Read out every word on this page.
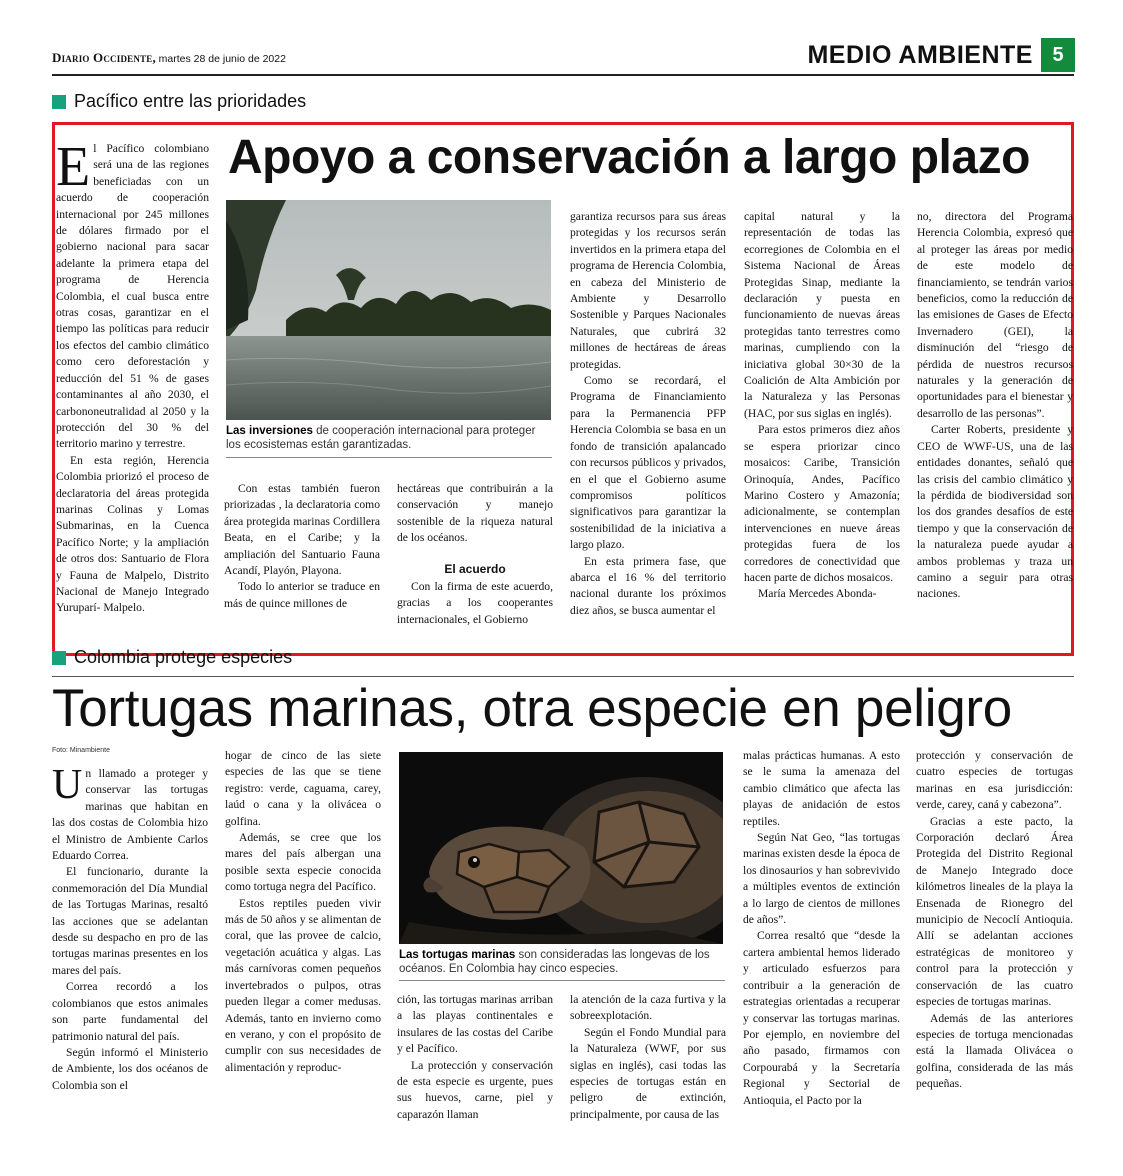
Diario Occidente, martes 28 de junio de 2022	MEDIO AMBIENTE 5
Pacífico entre las prioridades
Apoyo a conservación a largo plazo

El Pacífico colombiano será una de las regiones beneficiadas con un acuerdo de cooperación internacional por 245 millones de dólares firmado por el gobierno nacional para sacar adelante la primera etapa del programa de Herencia Colombia, el cual busca entre otras cosas, garantizar en el tiempo las políticas para reducir los efectos del cambio climático como cero deforestación y reducción del 51 % de gases contaminantes al año 2030, el carbononeutralidad al 2050 y la protección del 30 % del territorio marino y terrestre.

En esta región, Herencia Colombia priorizó el proceso de declaratoria del áreas protegida marinas Colinas y Lomas Submarinas, en la Cuenca Pacífico Norte; y la ampliación de otros dos: Santuario de Flora y Fauna de Malpelo, Distrito Nacional de Manejo Integrado Yuruparí- Malpelo.

Las inversiones de cooperación internacional para proteger los ecosistemas están garantizadas.

Con estas también fueron priorizadas , la declaratoria como área protegida marinas Cordillera Beata, en el Caribe; y la ampliación del Santuario Fauna Acandí, Playón, Playona.

Todo lo anterior se traduce en más de quince millones de

hectáreas que contribuirán a la conservación y manejo sostenible de la riqueza natural de los océanos.

El acuerdo

Con la firma de este acuerdo, gracias a los cooperantes internacionales, el Gobierno

garantiza recursos para sus áreas protegidas y los recursos serán invertidos en la primera etapa del programa de Herencia Colombia, en cabeza del Ministerio de Ambiente y Desarrollo Sostenible y Parques Nacionales Naturales, que cubrirá 32 millones de hectáreas de áreas protegidas.

Como se recordará, el Programa de Financiamiento para la Permanencia PFP Herencia Colombia se basa en un fondo de transición apalancado con recursos públicos y privados, en el que el Gobierno asume compromisos políticos significativos para garantizar la sostenibilidad de la iniciativa a largo plazo.

En esta primera fase, que abarca el 16 % del territorio nacional durante los próximos diez años, se busca aumentar el

capital natural y la representación de todas las ecorregiones de Colombia en el Sistema Nacional de Áreas Protegidas Sinap, mediante la declaración y puesta en funcionamiento de nuevas áreas protegidas tanto terrestres como marinas, cumpliendo con la iniciativa global 30×30 de la Coalición de Alta Ambición por la Naturaleza y las Personas (HAC, por sus siglas en inglés).

Para estos primeros diez años se espera priorizar cinco mosaicos: Caribe, Transición Orinoquía, Andes, Pacífico Marino Costero y Amazonía; adicionalmente, se contemplan intervenciones en nueve áreas protegidas fuera de los corredores de conectividad que hacen parte de dichos mosaicos.

María Mercedes Abonda-

no, directora del Programa Herencia Colombia, expresó que al proteger las áreas por medio de este modelo de financiamiento, se tendrán varios beneficios, como la reducción de las emisiones de Gases de Efecto Invernadero (GEI), la disminución del “riesgo de pérdida de nuestros recursos naturales y la generación de oportunidades para el bienestar y desarrollo de las personas”.

Carter Roberts, presidente y CEO de WWF-US, una de las entidades donantes, señaló que las crisis del cambio climático y la pérdida de biodiversidad son los dos grandes desafíos de este tiempo y que la conservación de la naturaleza puede ayudar a ambos problemas y traza un camino a seguir para otras naciones.

Colombia protege especies
Tortugas marinas, otra especie en peligro
Foto: Minambiente

Un llamado a proteger y conservar las tortugas marinas que habitan en las dos costas de Colombia hizo el Ministro de Ambiente Carlos Eduardo Correa.

El funcionario, durante la conmemoración del Día Mundial de las Tortugas Marinas, resaltó las acciones que se adelantan desde su despacho en pro de las tortugas marinas presentes en los mares del país.

Correa recordó a los colombianos que estos animales son parte fundamental del patrimonio natural del país.

Según informó el Ministerio de Ambiente, los dos océanos de Colombia son el

hogar de cinco de las siete especies de las que se tiene registro: verde, caguama, carey, laúd o cana y la olivácea o golfina.

Además, se cree que los mares del país albergan una posible sexta especie conocida como tortuga negra del Pacífico.

Estos reptiles pueden vivir más de 50 años y se alimentan de coral, que las provee de calcio, vegetación acuática y algas. Las más carnívoras comen pequeños invertebrados o pulpos, otras pueden llegar a comer medusas. Además, tanto en invierno como en verano, y con el propósito de cumplir con sus necesidades de alimentación y reproduc-

Las tortugas marinas son consideradas las longevas de los océanos. En Colombia hay cinco especies.

ción, las tortugas marinas arriban a las playas continentales e insulares de las costas del Caribe y el Pacífico.

La protección y conservación de esta especie es urgente, pues sus huevos, carne, piel y caparazón llaman

la atención de la caza furtiva y la sobreexplotación.

Según el Fondo Mundial para la Naturaleza (WWF, por sus siglas en inglés), casi todas las especies de tortugas están en peligro de extinción, principalmente, por causa de las

malas prácticas humanas. A esto se le suma la amenaza del cambio climático que afecta las playas de anidación de estos reptiles.

Según Nat Geo, “las tortugas marinas existen desde la época de los dinosaurios y han sobrevivido a múltiples eventos de extinción a lo largo de cientos de millones de años”.

Correa resaltó que “desde la cartera ambiental hemos liderado y articulado esfuerzos para contribuir a la generación de estrategias orientadas a recuperar y conservar las tortugas marinas. Por ejemplo, en noviembre del año pasado, firmamos con Corpourabá y la Secretaría Regional y Sectorial de Antioquia, el Pacto por la

protección y conservación de cuatro especies de tortugas marinas en esa jurisdicción: verde, carey, caná y cabezona”.

Gracias a este pacto, la Corporación declaró Área Protegida del Distrito Regional de Manejo Integrado doce kilómetros lineales de la playa la Ensenada de Rionegro del municipio de Necoclí Antioquia. Allí se adelantan acciones estratégicas de monitoreo y control para la protección y conservación de las cuatro especies de tortugas marinas.

Además de las anteriores especies de tortuga mencionadas está la llamada Olivácea o golfina, considerada de las más pequeñas.
